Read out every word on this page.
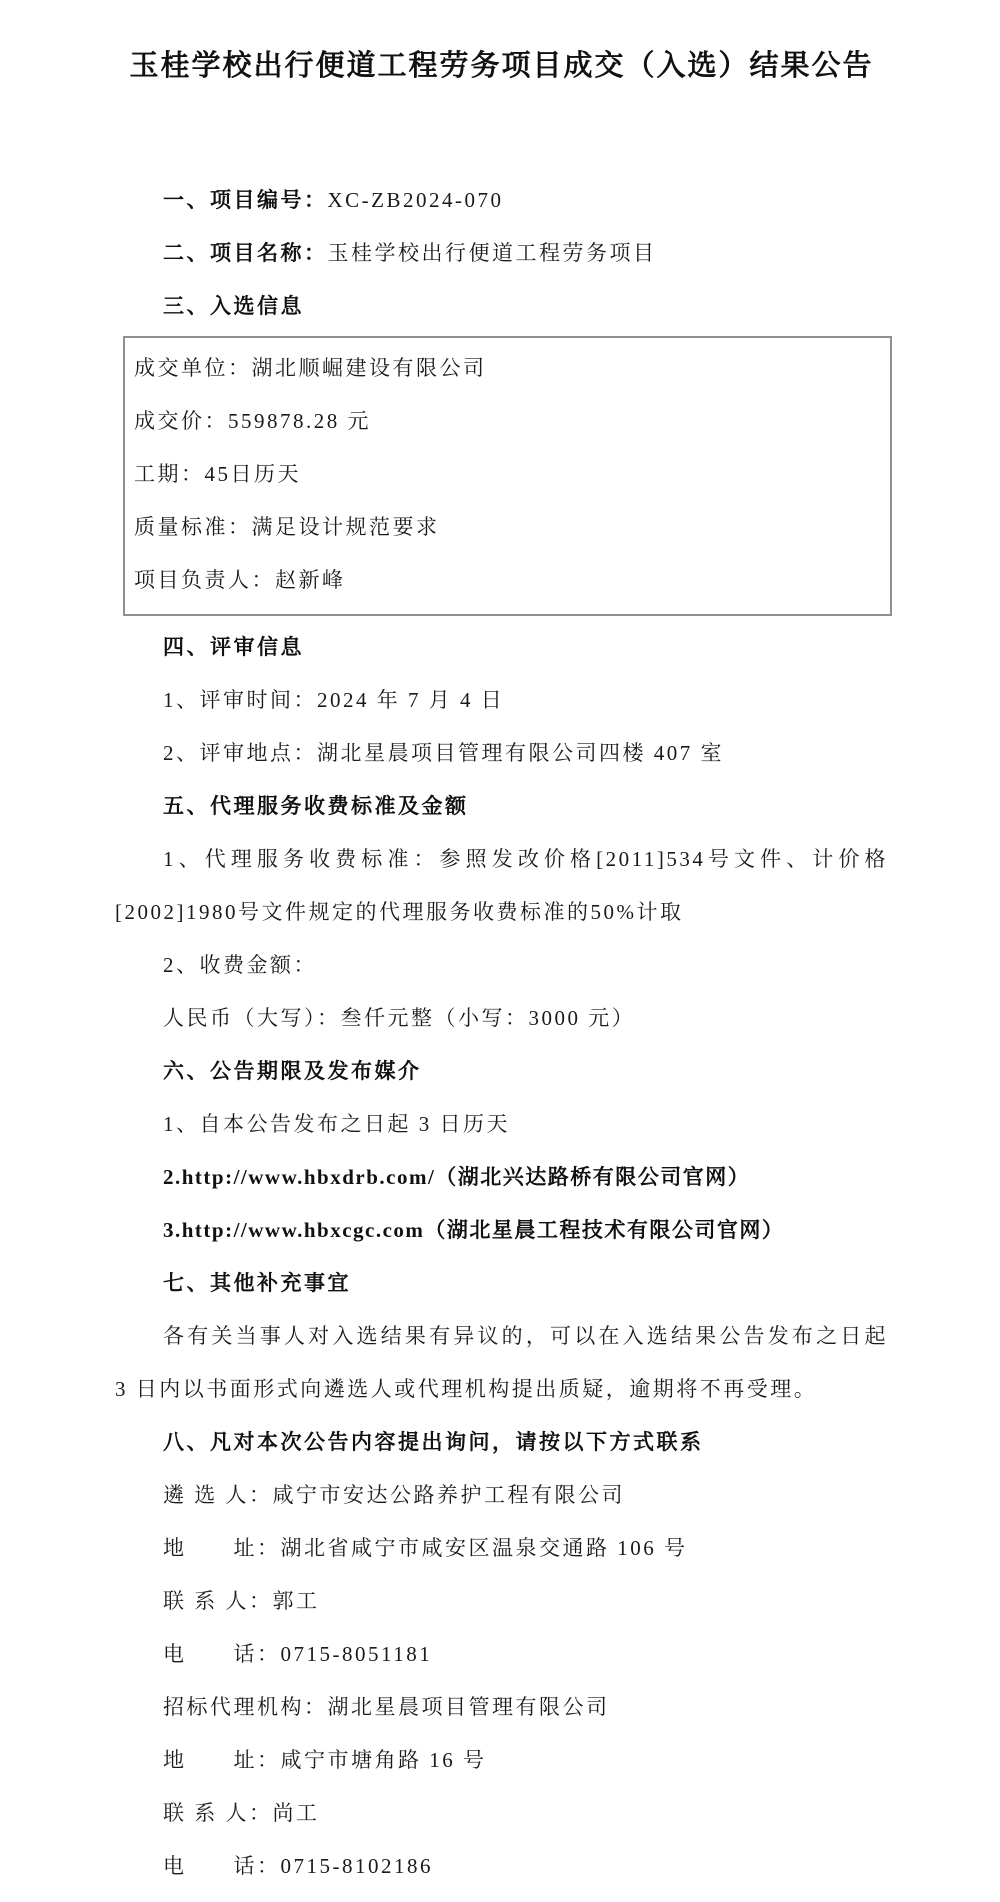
玉桂学校出行便道工程劳务项目成交（入选）结果公告

一、项目编号：XC-ZB2024-070

二、项目名称：玉桂学校出行便道工程劳务项目

三、入选信息

成交单位：湖北顺崛建设有限公司

成交价：559878.28 元

工期：45日历天

质量标准：满足设计规范要求

项目负责人：赵新峰

四、评审信息

1、评审时间：2024 年 7 月 4 日

2、评审地点：湖北星晨项目管理有限公司四楼 407 室

五、代理服务收费标准及金额

1、代理服务收费标准：参照发改价格[2011]534号文件、计价格[2002]1980号文件规定的代理服务收费标准的50%计取

2、收费金额：

人民币（大写）：叁仟元整（小写：3000 元）

六、公告期限及发布媒介

1、自本公告发布之日起 3 日历天

2.http://www.hbxdrb.com/（湖北兴达路桥有限公司官网）

3.http://www.hbxcgc.com（湖北星晨工程技术有限公司官网）

七、其他补充事宜

各有关当事人对入选结果有异议的，可以在入选结果公告发布之日起 3 日内以书面形式向遴选人或代理机构提出质疑，逾期将不再受理。

八、凡对本次公告内容提出询问，请按以下方式联系

遴 选 人：咸宁市安达公路养护工程有限公司

地　　址：湖北省咸宁市咸安区温泉交通路 106 号

联 系 人：郭工

电　　话：0715-8051181

招标代理机构：湖北星晨项目管理有限公司

地　　址：咸宁市塘角路 16 号

联 系 人：尚工

电　　话：0715-8102186
